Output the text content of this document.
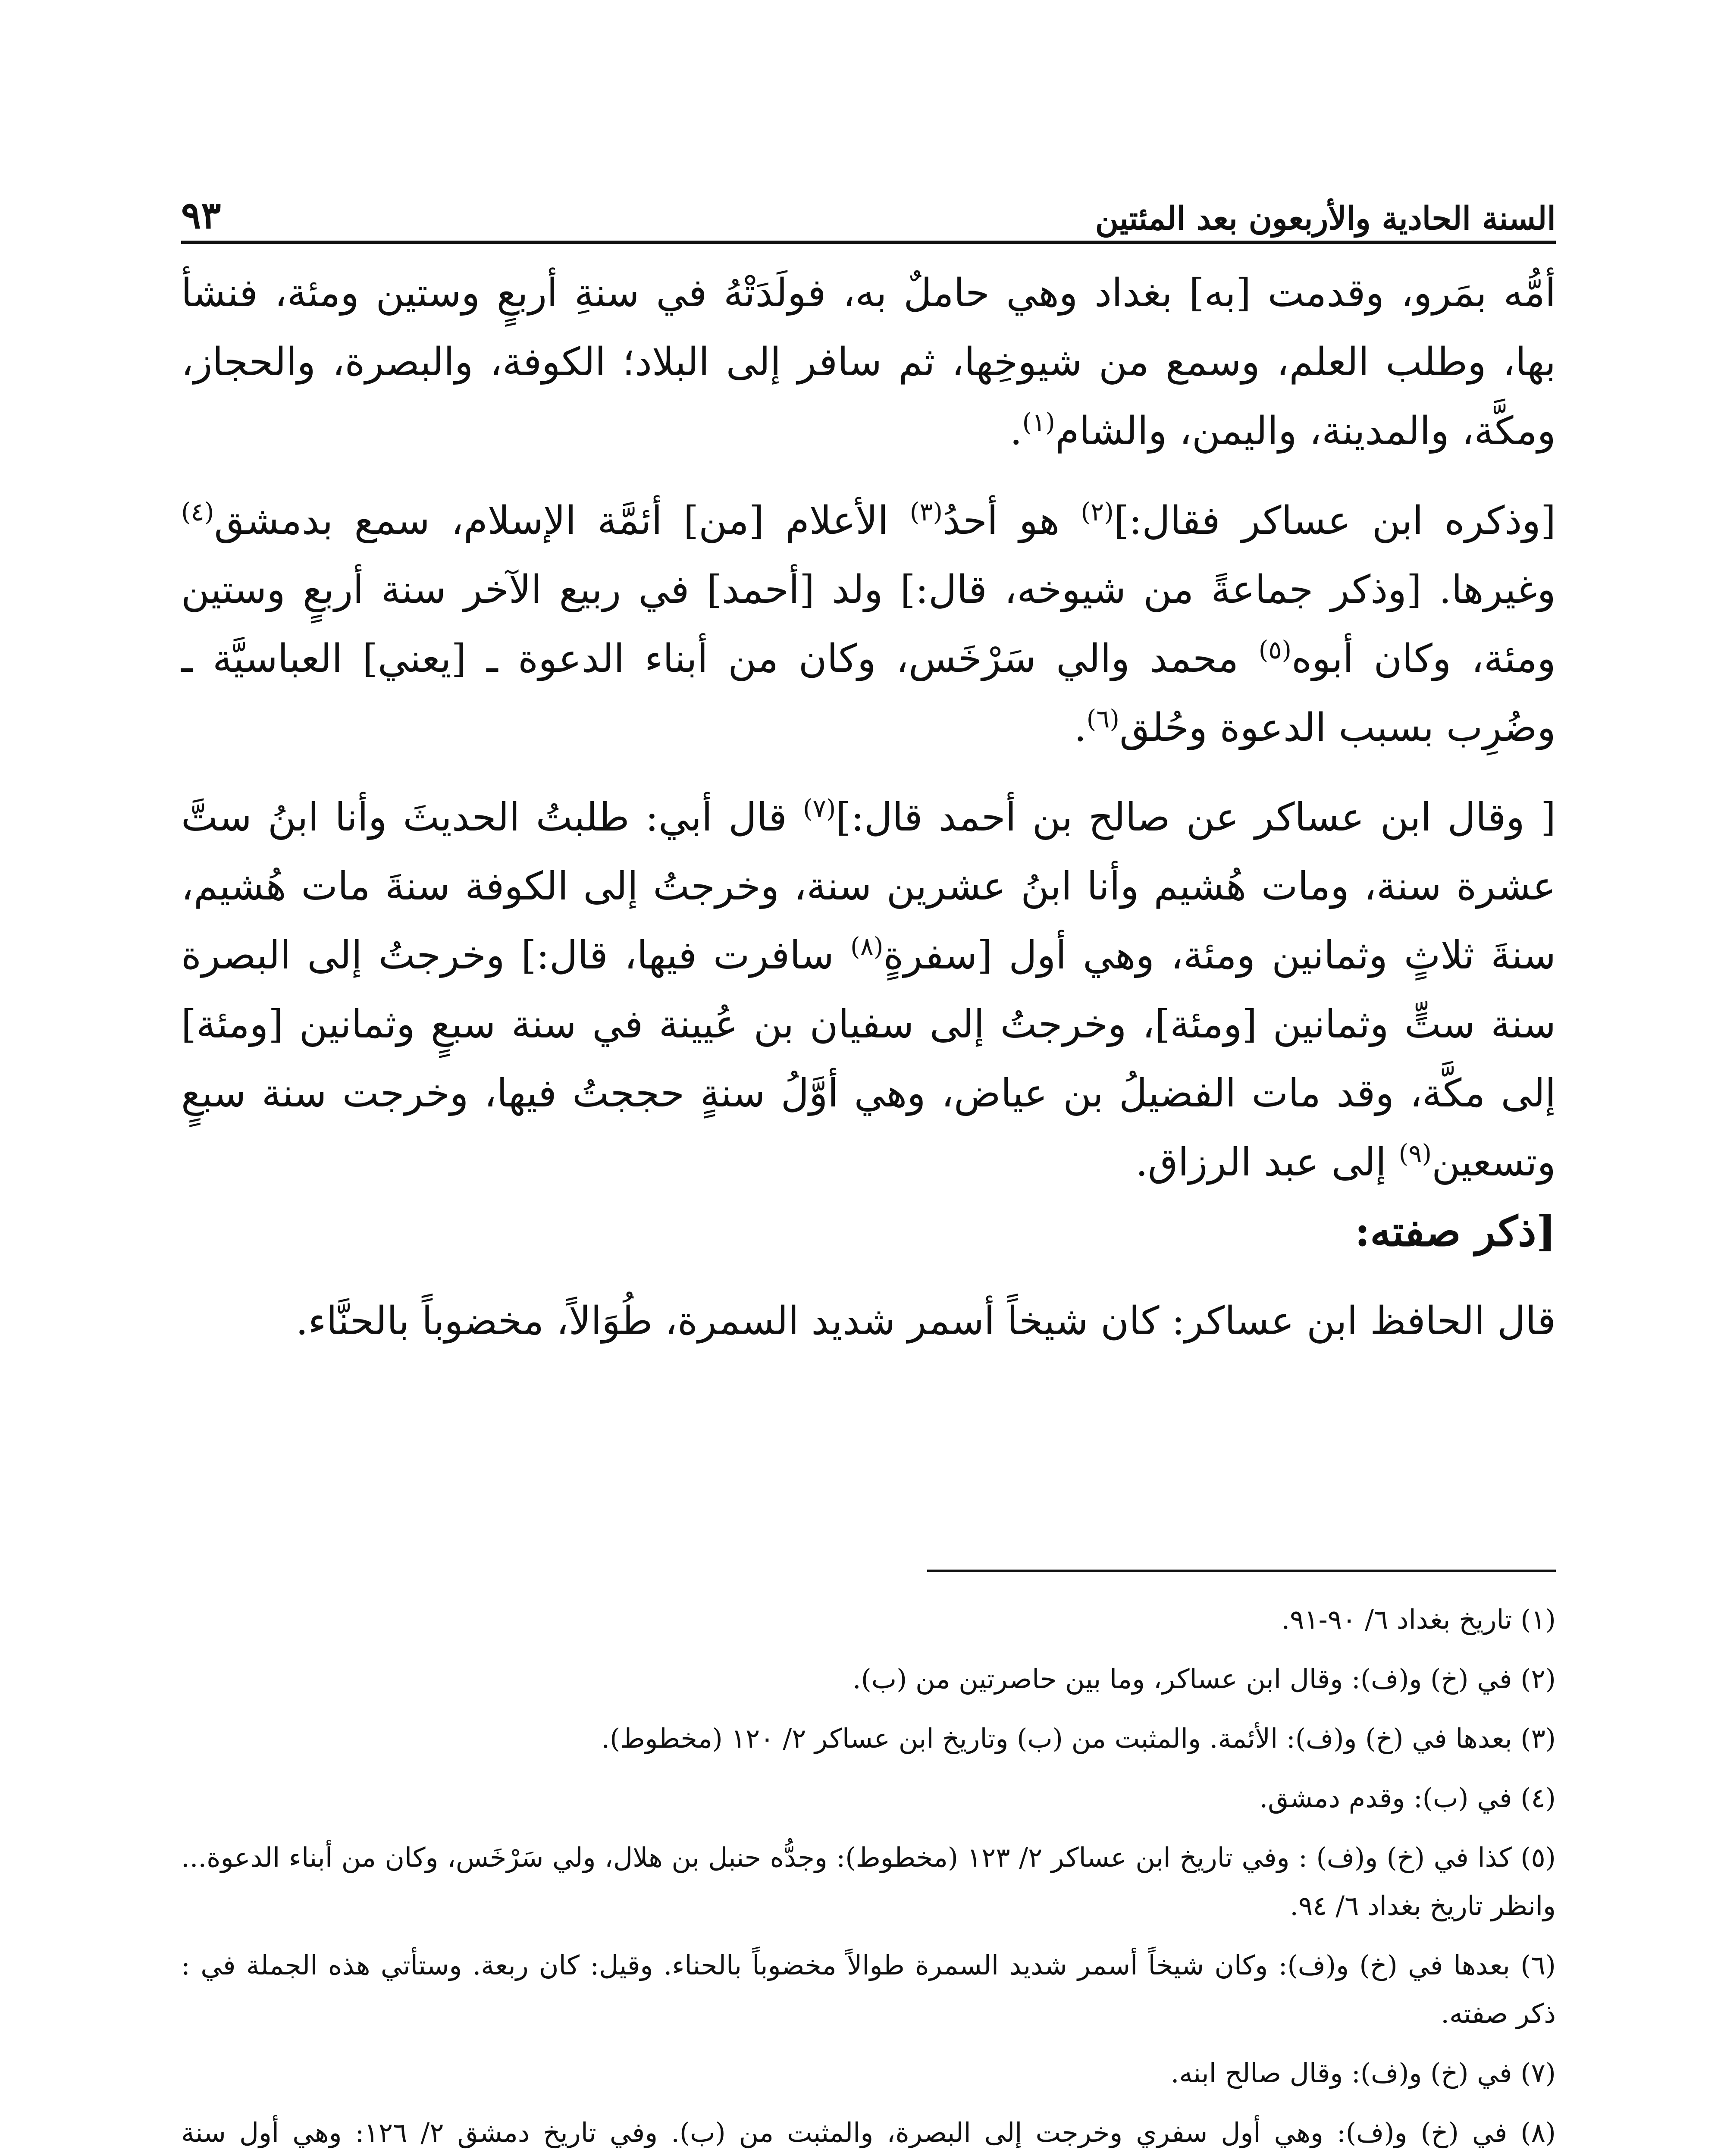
السنة الحادية والأربعون بعد المئتين
٩٣

أمُّه بمَرو، وقدمت [به] بغداد وهي حاملٌ به، فولَدَتْهُ في سنةِ أربعٍ وستين ومئة، فنشأ بها، وطلب العلم، وسمع من شيوخِها، ثم سافر إلى البلاد؛ الكوفة، والبصرة، والحجاز، ومكَّة، والمدينة، واليمن، والشام$^{(١)}$.

[وذكره ابن عساكر فقال:]$^{(٢)}$ هو أحدُ$^{(٣)}$ الأعلام [من] أئمَّة الإسلام، سمع بدمشق$^{(٤)}$ وغيرها. [وذكر جماعةً من شيوخه، قال:] ولد [أحمد] في ربيع الآخر سنة أربعٍ وستين ومئة، وكان أبوه$^{(٥)}$ محمد والي سَرْخَس، وكان من أبناء الدعوة ـ [يعني] العباسيَّة ـ وضُرِب بسبب الدعوة وحُلق$^{(٦)}$.

[ وقال ابن عساكر عن صالح بن أحمد قال:]$^{(٧)}$ قال أبي: طلبتُ الحديثَ وأنا ابنُ ستَّ عشرة سنة، ومات هُشيم وأنا ابنُ عشرين سنة، وخرجتُ إلى الكوفة سنةَ مات هُشيم، سنةَ ثلاثٍ وثمانين ومئة، وهي أول [سفرةٍ$^{(٨)}$ سافرت فيها، قال:] وخرجتُ إلى البصرة سنة ستٍّ وثمانين [ومئة]، وخرجتُ إلى سفيان بن عُيينة في سنة سبعٍ وثمانين [ومئة] إلى مكَّة، وقد مات الفضيلُ بن عياض، وهي أوَّلُ سنةٍ حججتُ فيها، وخرجت سنة سبعٍ وتسعين$^{(٩)}$ إلى عبد الرزاق.

[ذكر صفته:

قال الحافظ ابن عساكر: كان شيخاً أسمر شديد السمرة، طُوَالاً، مخضوباً بالحنَّاء.

(١) تاريخ بغداد ٦/ ٩٠-٩١.

(٢) في (خ) و(ف): وقال ابن عساكر، وما بين حاصرتين من (ب).

(٣) بعدها في (خ) و(ف): الأئمة. والمثبت من (ب) وتاريخ ابن عساكر ٢/ ١٢٠ (مخطوط).

(٤) في (ب): وقدم دمشق.

(٥) كذا في (خ) و(ف) : وفي تاريخ ابن عساكر ٢/ ١٢٣ (مخطوط): وجدُّه حنبل بن هلال، ولي سَرْخَس، وكان من أبناء الدعوة... وانظر تاريخ بغداد ٦/ ٩٤.

(٦) بعدها في (خ) و(ف): وكان شيخاً أسمر شديد السمرة طوالاً مخضوباً بالحناء. وقيل: كان ربعة. وستأتي هذه الجملة في : ذكر صفته.

(٧) في (خ) و(ف): وقال صالح ابنه.

(٨) في (خ) و(ف): وهي أول سفري وخرجت إلى البصرة، والمثبت من (ب). وفي تاريخ دمشق ٢/ ١٢٦: وهي أول سنة
